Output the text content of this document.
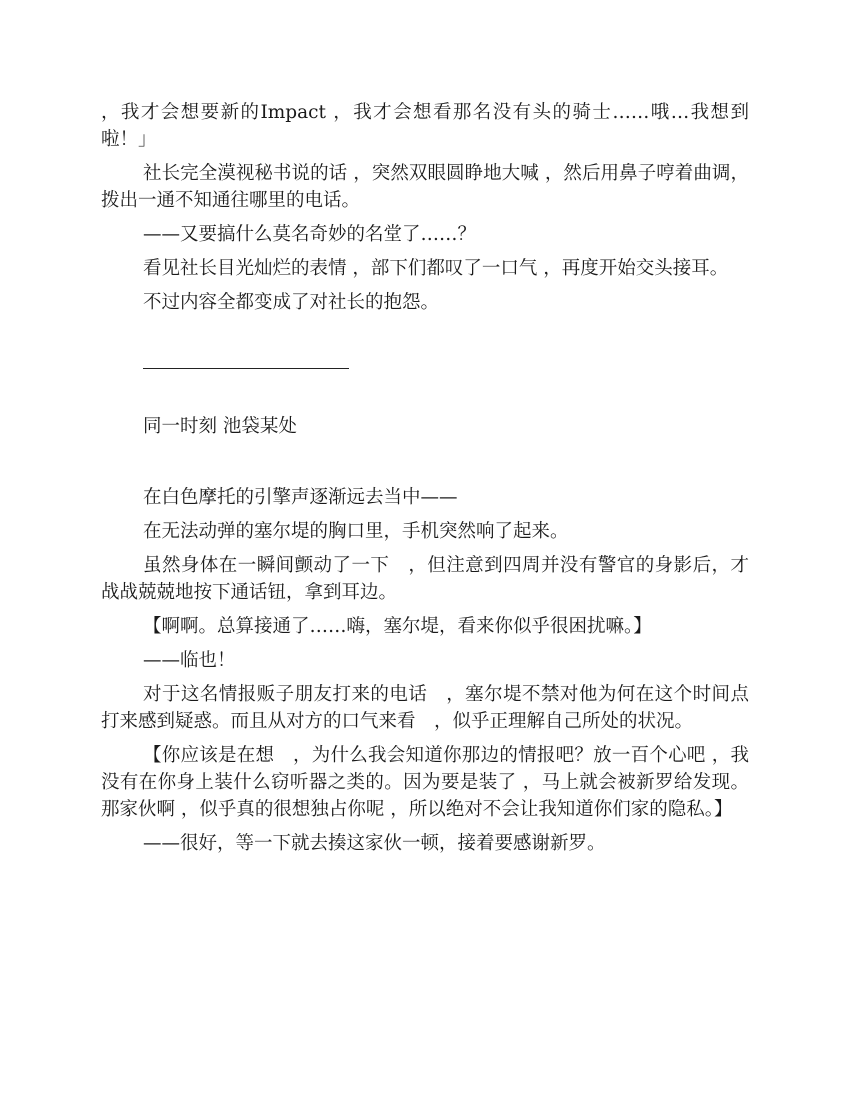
，我才会想要新的Impact ，我才会想看那名没有头的骑士……哦…我想到啦！」

社长完全漠视秘书说的话 ，突然双眼圆睁地大喊 ，然后用鼻子哼着曲调，拨出一通不知通往哪里的电话。

——又要搞什么莫名奇妙的名堂了……？

看见社长目光灿烂的表情 ，部下们都叹了一口气 ，再度开始交头接耳。

不过内容全都变成了对社长的抱怨。

同一时刻 池袋某处

在白色摩托的引擎声逐渐远去当中——

在无法动弹的塞尔堤的胸口里，手机突然响了起来。

虽然身体在一瞬间颤动了一下　，但注意到四周并没有警官的身影后，才战战兢兢地按下通话钮，拿到耳边。

【啊啊。总算接通了……嗨，塞尔堤，看来你似乎很困扰嘛。】

——临也！

对于这名情报贩子朋友打来的电话　，塞尔堤不禁对他为何在这个时间点打来感到疑惑。而且从对方的口气来看　，似乎正理解自己所处的状况。

【你应该是在想　，为什么我会知道你那边的情报吧？放一百个心吧 ，我没有在你身上装什么窃听器之类的。因为要是装了 ，马上就会被新罗给发现。那家伙啊 ，似乎真的很想独占你呢 ，所以绝对不会让我知道你们家的隐私。】

——很好，等一下就去揍这家伙一顿，接着要感谢新罗。
